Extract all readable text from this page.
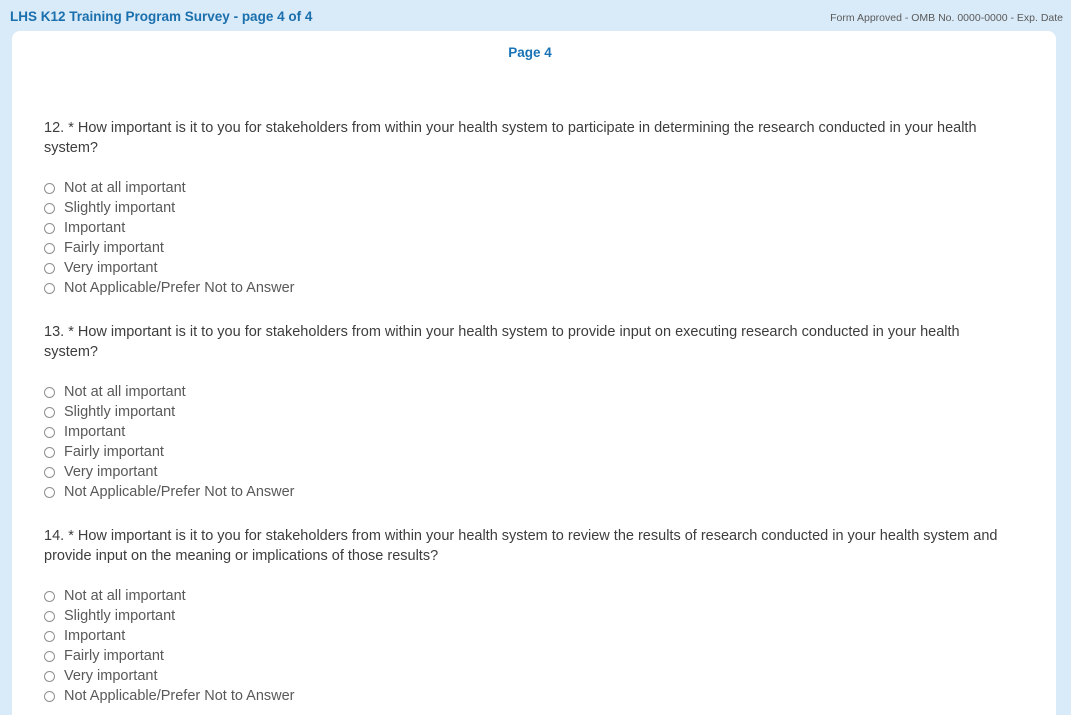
LHS K12 Training Program Survey - page 4 of 4	Form Approved - OMB No. 0000-0000 - Exp. Date

Page 4

12. * How important is it to you for stakeholders from within your health system to participate in determining the research conducted in your health system?

Not at all important
Slightly important
Important
Fairly important
Very important
Not Applicable/Prefer Not to Answer

13. * How important is it to you for stakeholders from within your health system to provide input on executing research conducted in your health system?

Not at all important
Slightly important
Important
Fairly important
Very important
Not Applicable/Prefer Not to Answer

14. * How important is it to you for stakeholders from within your health system to review the results of research conducted in your health system and provide input on the meaning or implications of those results?

Not at all important
Slightly important
Important
Fairly important
Very important
Not Applicable/Prefer Not to Answer
